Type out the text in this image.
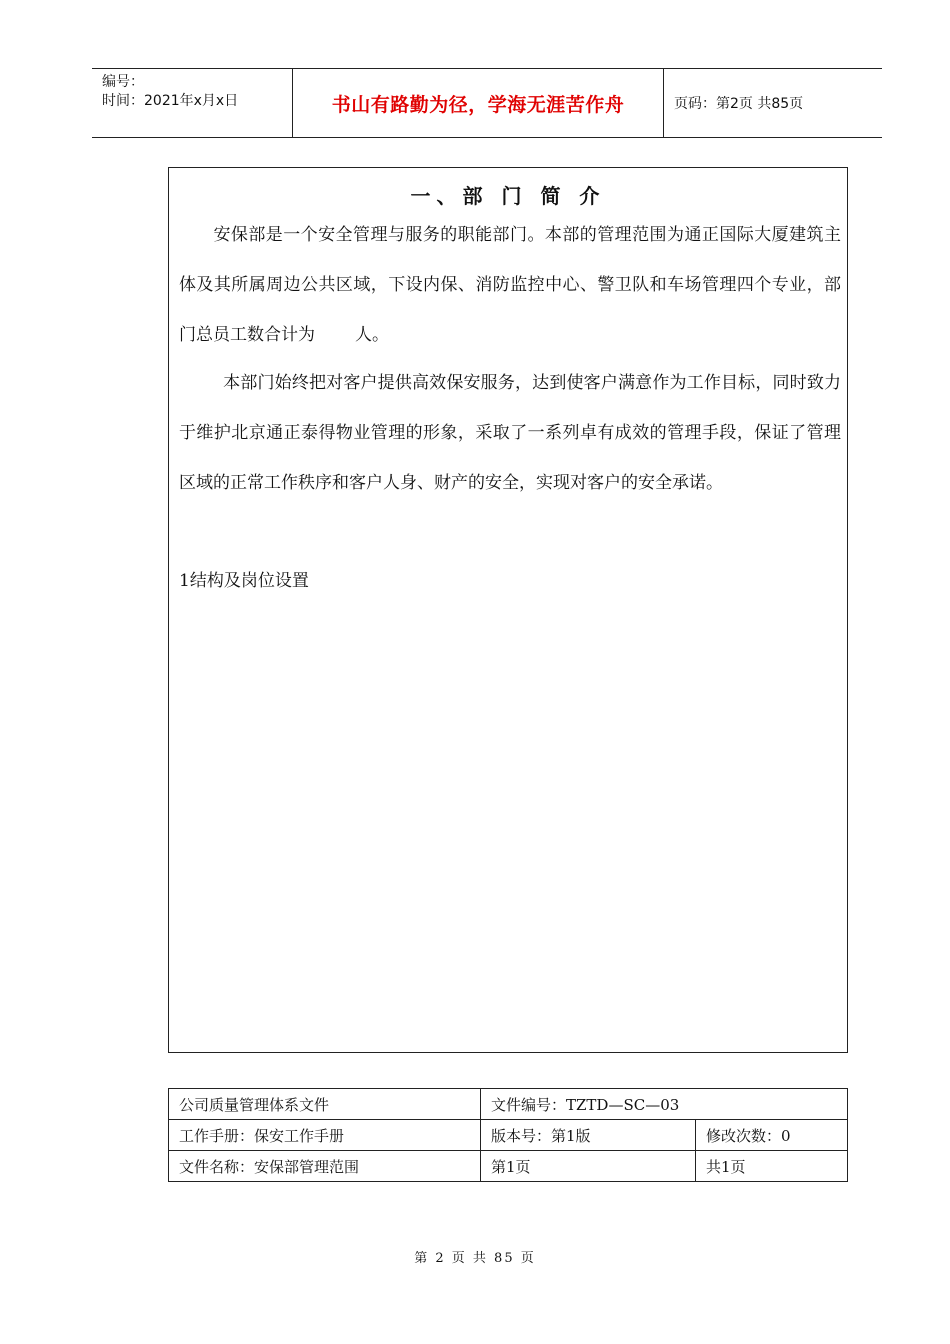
编号：
时间：2021年x月x日	书山有路勤为径，学海无涯苦作舟	页码：第2页 共85页
一、部 门 简 介

安保部是一个安全管理与服务的职能部门。本部的管理范围为通正国际大厦建筑主体及其所属周边公共区域，下设内保、消防监控中心、警卫队和车场管理四个专业，部门总员工数合计为 人。

本部门始终把对客户提供高效保安服务，达到使客户满意作为工作目标，同时致力于维护北京通正泰得物业管理的形象，采取了一系列卓有成效的管理手段，保证了管理区域的正常工作秩序和客户人身、财产的安全，实现对客户的安全承诺。

1结构及岗位设置
公司质量管理体系文件	文件编号：TZTD—SC—03	
工作手册：保安工作手册	版本号：第1版	修改次数：0
文件名称：安保部管理范围	第1页	共1页
第 2 页 共 85 页
